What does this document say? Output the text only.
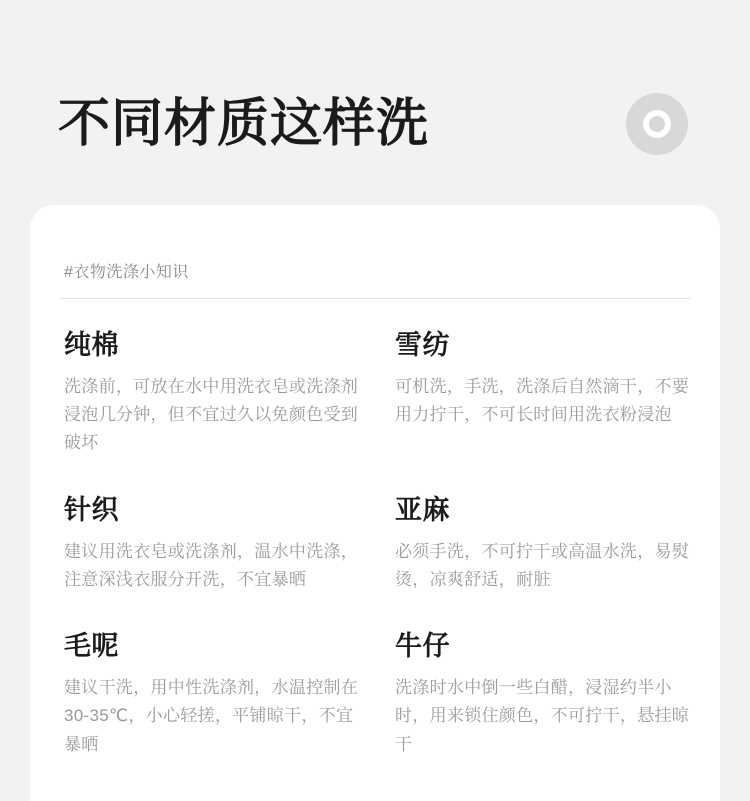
不同材质这样洗
#衣物洗涤小知识
纯棉
洗涤前，可放在水中用洗衣皂或洗涤剂浸泡几分钟，但不宜过久以免颜色受到破坏
雪纺
可机洗，手洗，洗涤后自然滴干，不要用力拧干，不可长时间用洗衣粉浸泡
针织
建议用洗衣皂或洗涤剂，温水中洗涤，注意深浅衣服分开洗，不宜暴晒
亚麻
必须手洗，不可拧干或高温水洗，易熨烫，凉爽舒适，耐脏
毛呢
建议干洗，用中性洗涤剂，水温控制在30-35℃，小心轻搓，平铺晾干，不宜暴晒
牛仔
洗涤时水中倒一些白醋，浸湿约半小时，用来锁住颜色，不可拧干，悬挂晾干
